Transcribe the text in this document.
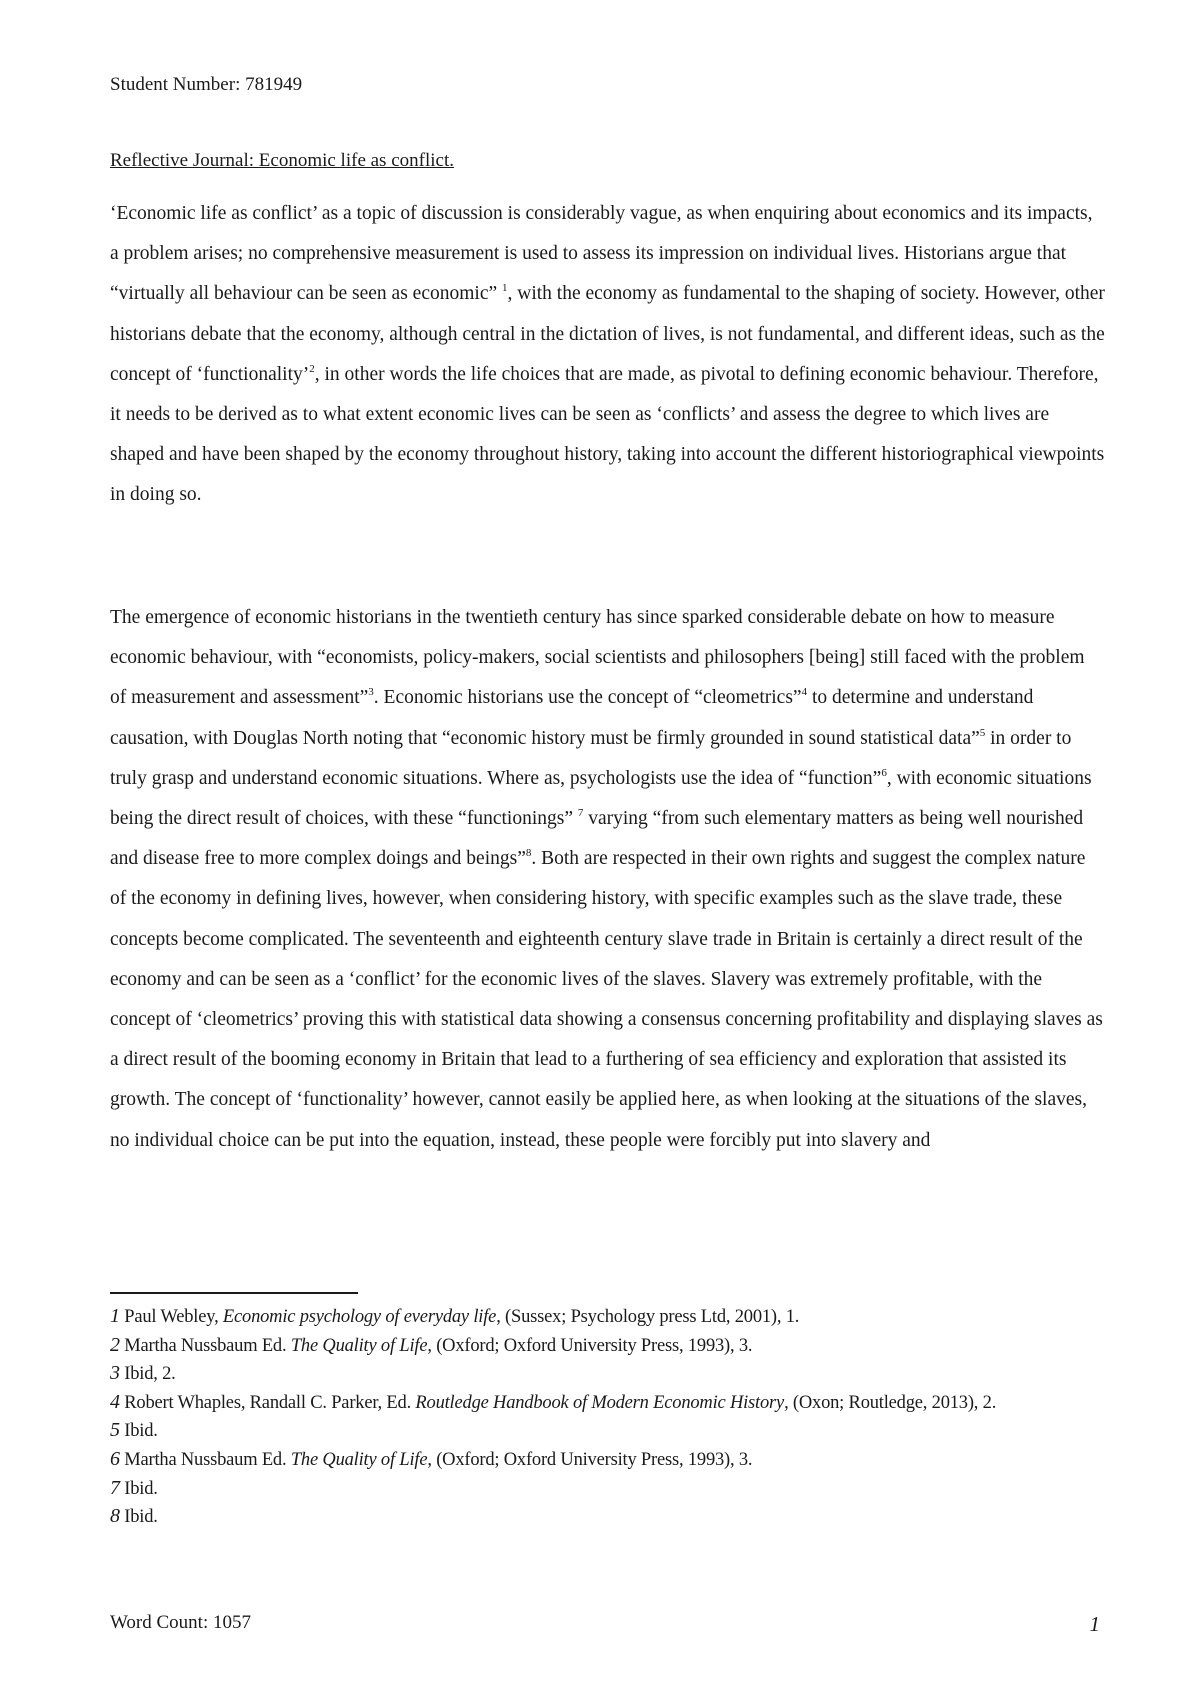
Student Number: 781949
Reflective Journal: Economic life as conflict.

‘Economic life as conflict’ as a topic of discussion is considerably vague, as when enquiring about economics and its impacts, a problem arises; no comprehensive measurement is used to assess its impression on individual lives. Historians argue that “virtually all behaviour can be seen as economic” $^1$, with the economy as fundamental to the shaping of society. However, other historians debate that the economy, although central in the dictation of lives, is not fundamental, and different ideas, such as the concept of ‘functionality’$^2$, in other words the life choices that are made, as pivotal to defining economic behaviour. Therefore, it needs to be derived as to what extent economic lives can be seen as ‘conflicts’ and assess the degree to which lives are shaped and have been shaped by the economy throughout history, taking into account the different historiographical viewpoints in doing so.

The emergence of economic historians in the twentieth century has since sparked considerable debate on how to measure economic behaviour, with “economists, policy-makers, social scientists and philosophers [being] still faced with the problem of measurement and assessment”$^3$. Economic historians use the concept of “cleometrics”$^4$ to determine and understand causation, with Douglas North noting that “economic history must be firmly grounded in sound statistical data”$^5$ in order to truly grasp and understand economic situations. Where as, psychologists use the idea of “function”$^6$, with economic situations being the direct result of choices, with these “functionings” $^7$ varying “from such elementary matters as being well nourished and disease free to more complex doings and beings”$^8$. Both are respected in their own rights and suggest the complex nature of the economy in defining lives, however, when considering history, with specific examples such as the slave trade, these concepts become complicated. The seventeenth and eighteenth century slave trade in Britain is certainly a direct result of the economy and can be seen as a ‘conflict’ for the economic lives of the slaves. Slavery was extremely profitable, with the concept of ‘cleometrics’ proving this with statistical data showing a consensus concerning profitability and displaying slaves as a direct result of the booming economy in Britain that lead to a furthering of sea efficiency and exploration that assisted its growth. The concept of ‘functionality’ however, cannot easily be applied here, as when looking at the situations of the slaves, no individual choice can be put into the equation, instead, these people were forcibly put into slavery and

1 Paul Webley, Economic psychology of everyday life, (Sussex; Psychology press Ltd, 2001), 1.

2 Martha Nussbaum Ed. The Quality of Life, (Oxford; Oxford University Press, 1993), 3.

3 Ibid, 2.

4 Robert Whaples, Randall C. Parker, Ed. Routledge Handbook of Modern Economic History, (Oxon; Routledge, 2013), 2.

5 Ibid.

6 Martha Nussbaum Ed. The Quality of Life, (Oxford; Oxford University Press, 1993), 3.

7 Ibid.

8 Ibid.

Word Count: 1057	1
